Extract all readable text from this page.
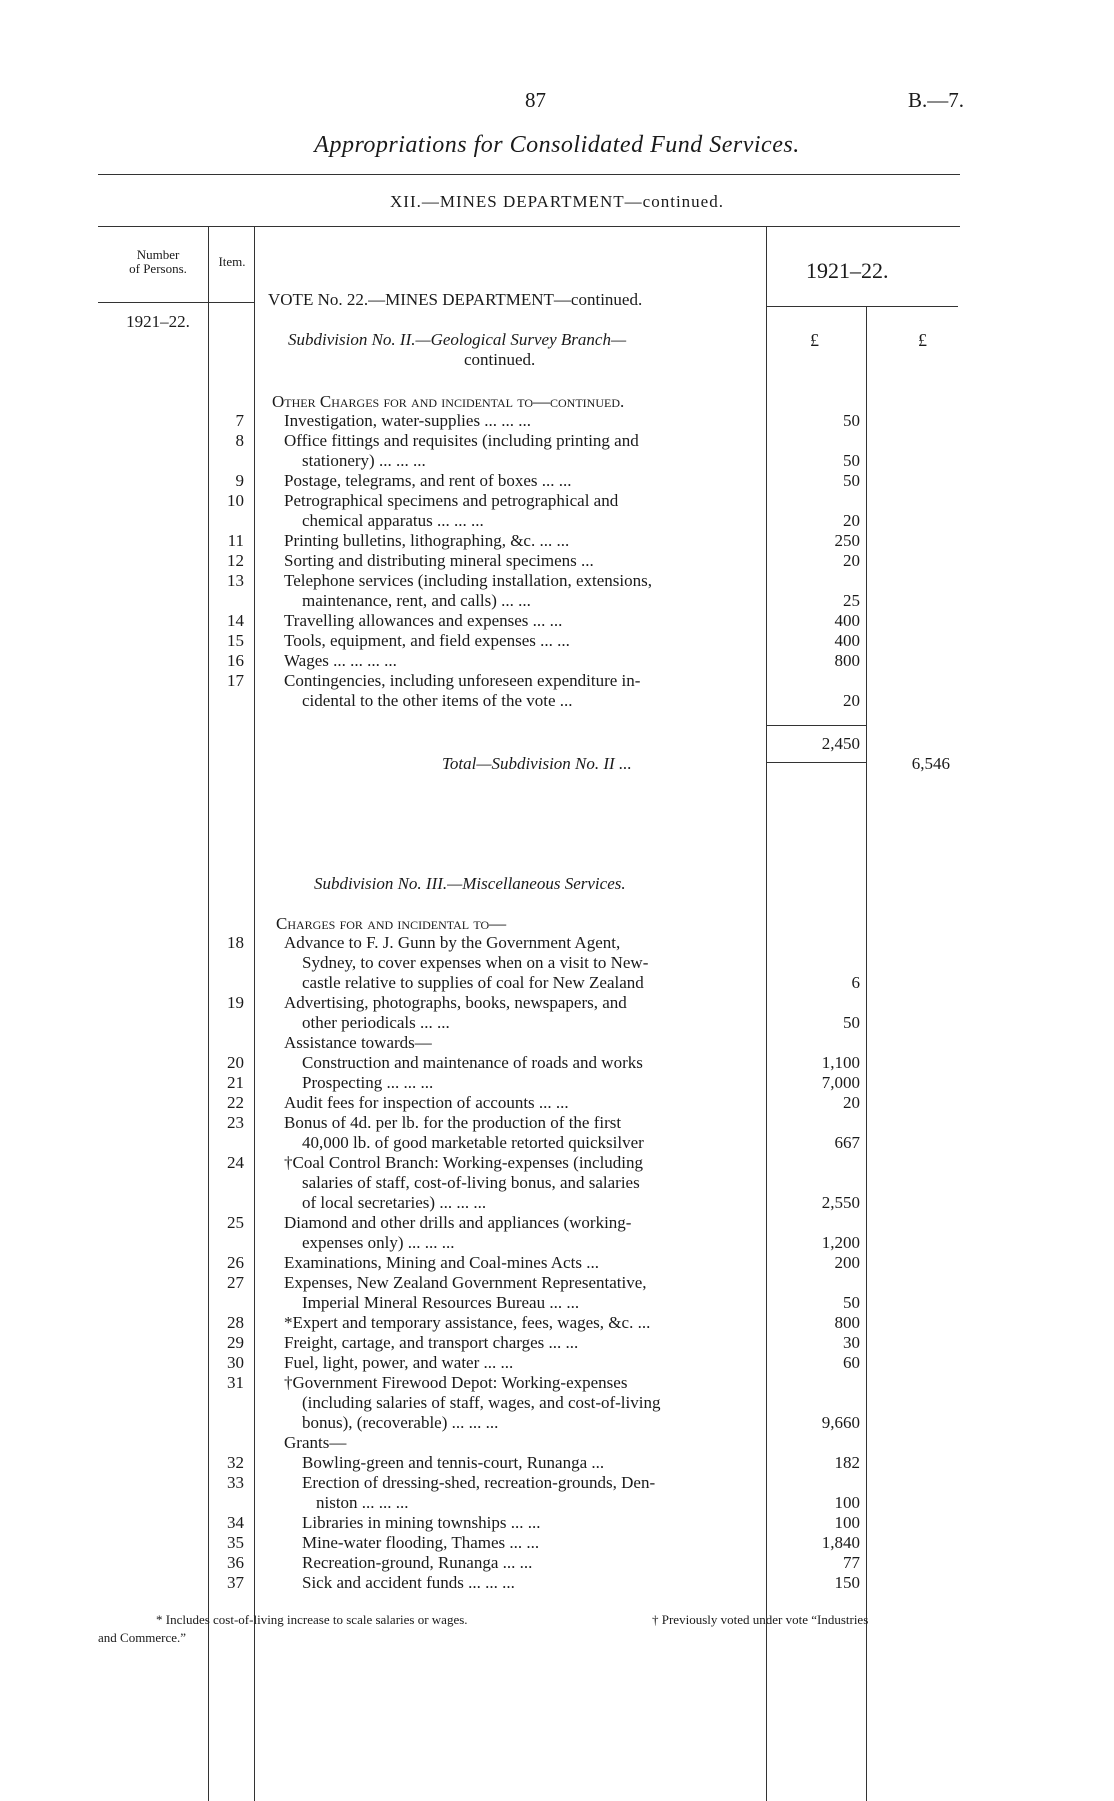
87	B.—7.
Appropriations for Consolidated Fund Services.
XII.—MINES DEPARTMENT—continued.
Number
of Persons.	Item.	1921–22.
1921–22.
£	£
VOTE No. 22.—MINES DEPARTMENT—continued.
Subdivision No. II.—Geological Survey Branch—
continued.
Other Charges for and incidental to—continued.
7 Investigation, water-supplies ... ... ...	50
8 Office fittings and requisites (including printing and
stationery) ... ... ...	50
9 Postage, telegrams, and rent of boxes ... ...	50
10 Petrographical specimens and petrographical and
chemical apparatus ... ... ...	20
11 Printing bulletins, lithographing, &c. ... ...	250
12 Sorting and distributing mineral specimens ...	20
13 Telephone services (including installation, extensions,
maintenance, rent, and calls) ... ...	25
14 Travelling allowances and expenses ... ...	400
15 Tools, equipment, and field expenses ... ...	400
16 Wages ... ... ... ...	800
17 Contingencies, including unforeseen expenditure in-
cidental to the other items of the vote ...	20
2,450
Total—Subdivision No. II ...	6,546
Subdivision No. III.—Miscellaneous Services.
Charges for and incidental to—
18 Advance to F. J. Gunn by the Government Agent,
Sydney, to cover expenses when on a visit to New-
castle relative to supplies of coal for New Zealand	6
19 Advertising, photographs, books, newspapers, and
other periodicals ... ...	50
Assistance towards—
20	Construction and maintenance of roads and works	1,100
21	Prospecting ... ... ...	7,000
22 Audit fees for inspection of accounts ... ...	20
23 Bonus of 4d. per lb. for the production of the first
40,000 lb. of good marketable retorted quicksilver	667
24 †Coal Control Branch: Working-expenses (including
salaries of staff, cost-of-living bonus, and salaries
of local secretaries) ... ... ...	2,550
25 Diamond and other drills and appliances (working-
expenses only) ... ... ...	1,200
26 Examinations, Mining and Coal-mines Acts ...	200
27 Expenses, New Zealand Government Representative,
Imperial Mineral Resources Bureau ... ...	50
28 *Expert and temporary assistance, fees, wages, &c. ...	800
29 Freight, cartage, and transport charges ... ...	30
30 Fuel, light, power, and water ... ...	60
31 †Government Firewood Depot: Working-expenses
(including salaries of staff, wages, and cost-of-living
bonus), (recoverable) ... ... ...	9,660
Grants—
32	Bowling-green and tennis-court, Runanga ...	182
33	Erection of dressing-shed, recreation-grounds, Den-
niston ... ... ...	100
34	Libraries in mining townships ... ...	100
35	Mine-water flooding, Thames ... ...	1,840
36	Recreation-ground, Runanga ... ...	77
37	Sick and accident funds ... ... ...	150
* Includes cost-of-living increase to scale salaries or wages.	† Previously voted under vote “Industries
and Commerce.”
